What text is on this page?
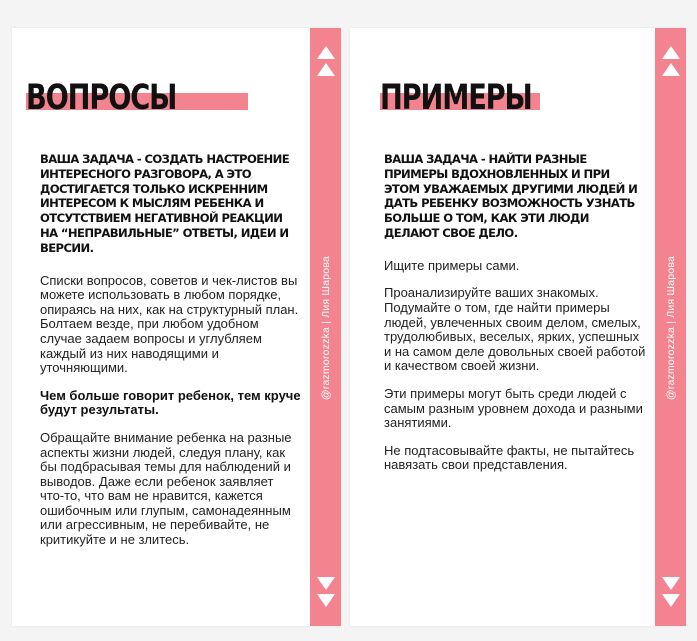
ВОПРОСЫ

ВАША ЗАДАЧА - СОЗДАТЬ НАСТРОЕНИЕ ИНТЕРЕСНОГО РАЗГОВОРА, А ЭТО ДОСТИГАЕТСЯ ТОЛЬКО ИСКРЕННИМ ИНТЕРЕСОМ К МЫСЛЯМ РЕБЕНКА И ОТСУТСТВИЕМ НЕГАТИВНОЙ РЕАКЦИИ НА “НЕПРАВИЛЬНЫЕ” ОТВЕТЫ, ИДЕИ И ВЕРСИИ.

Списки вопросов, советов и чек-листов вы можете использовать в любом порядке, опираясь на них, как на структурный план. Болтаем везде, при любом удобном случае задаем вопросы и углубляем каждый из них наводящими и уточняющими.

Чем больше говорит ребенок, тем круче будут результаты.

Обращайте внимание ребенка на разные аспекты жизни людей, следуя плану, как бы подбрасывая темы для наблюдений и выводов. Даже если ребенок заявляет что-то, что вам не нравится, кажется ошибочным или глупым, самонадеянным или агрессивным, не перебивайте, не критикуйте и не злитесь.

@razmorozzka | Лия Шарова
ПРИМЕРЫ

ВАША ЗАДАЧА - НАЙТИ РАЗНЫЕ ПРИМЕРЫ ВДОХНОВЛЕННЫХ И ПРИ ЭТОМ УВАЖАЕМЫХ ДРУГИМИ ЛЮДЕЙ И ДАТЬ РЕБЕНКУ ВОЗМОЖНОСТЬ УЗНАТЬ БОЛЬШЕ О ТОМ, КАК ЭТИ ЛЮДИ ДЕЛАЮТ СВОЕ ДЕЛО.

Ищите примеры сами.

Проанализируйте ваших знакомых. Подумайте о том, где найти примеры людей, увлеченных своим делом, смелых, трудолюбивых, веселых, ярких, успешных и на самом деле довольных своей работой и качеством своей жизни.

Эти примеры могут быть среди людей с самым разным уровнем дохода и разными занятиями.

Не подтасовывайте факты, не пытайтесь навязать свои представления.

@razmorozzka | Лия Шарова
